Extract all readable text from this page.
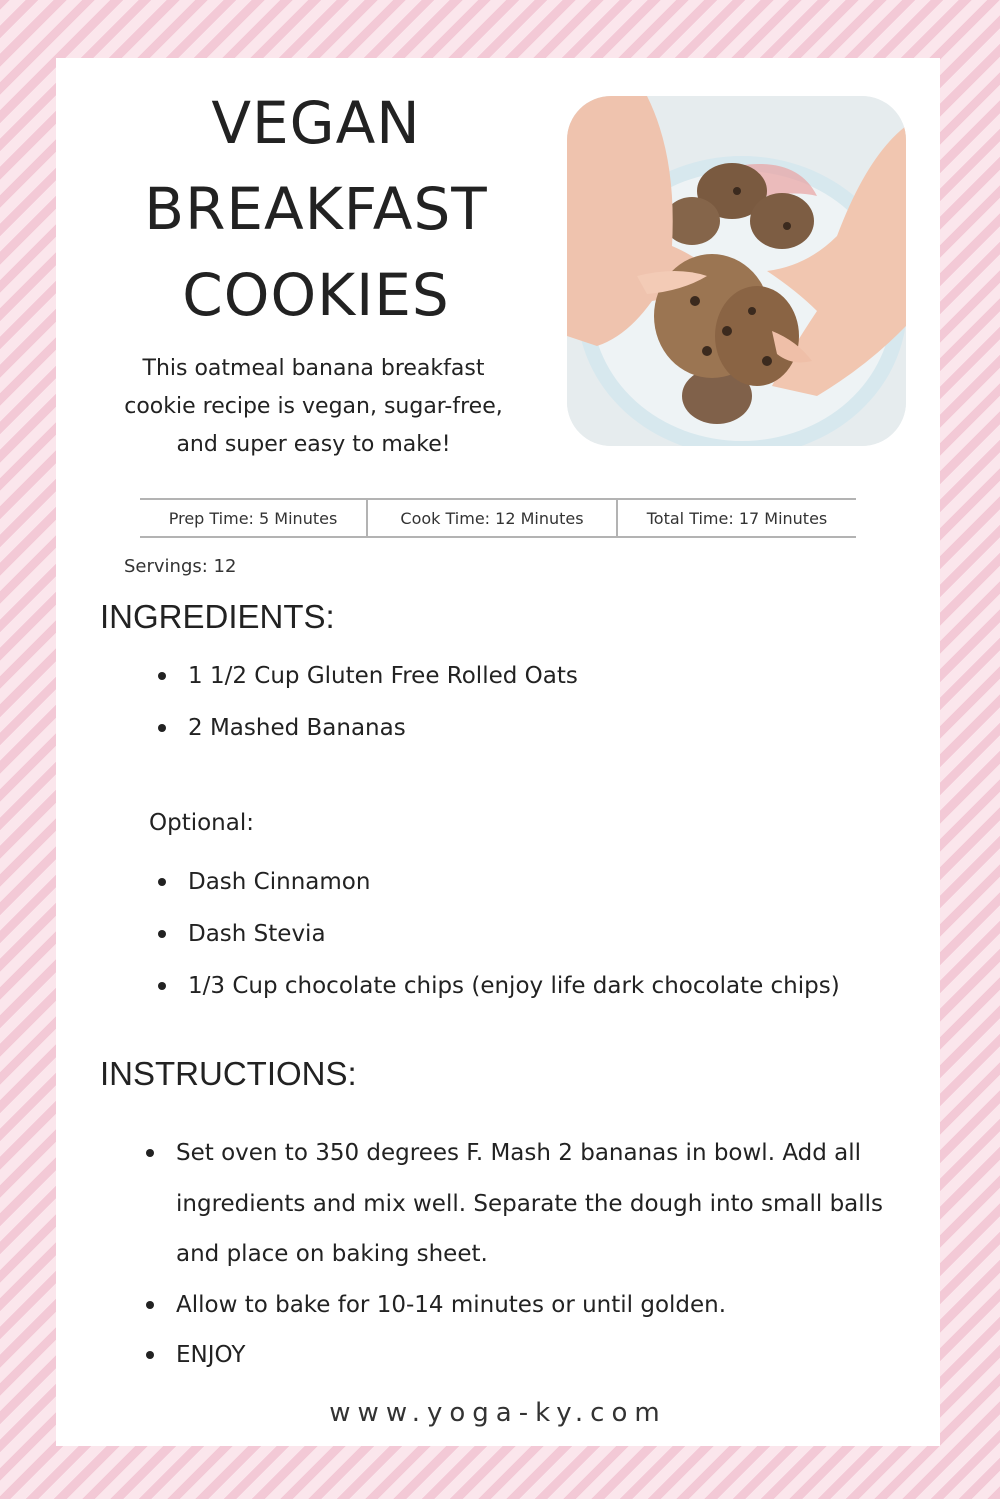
VEGAN
BREAKFAST
COOKIES

This oatmeal banana breakfast cookie recipe is vegan, sugar-free, and super easy to make!

Prep Time: 5 Minutes	Cook Time: 12 Minutes	Total Time: 17 Minutes
Servings: 12
INGREDIENTS:
1 1/2 Cup Gluten Free Rolled Oats
2 Mashed Bananas
Optional:
Dash Cinnamon
Dash Stevia
1/3 Cup chocolate chips (enjoy life dark chocolate chips)
INSTRUCTIONS:
Set oven to 350 degrees F. Mash 2 bananas in bowl. Add all ingredients and mix well. Separate the dough into small balls and place on baking sheet.
Allow to bake for 10-14 minutes or until golden.
ENJOY
www.yoga-ky.com
